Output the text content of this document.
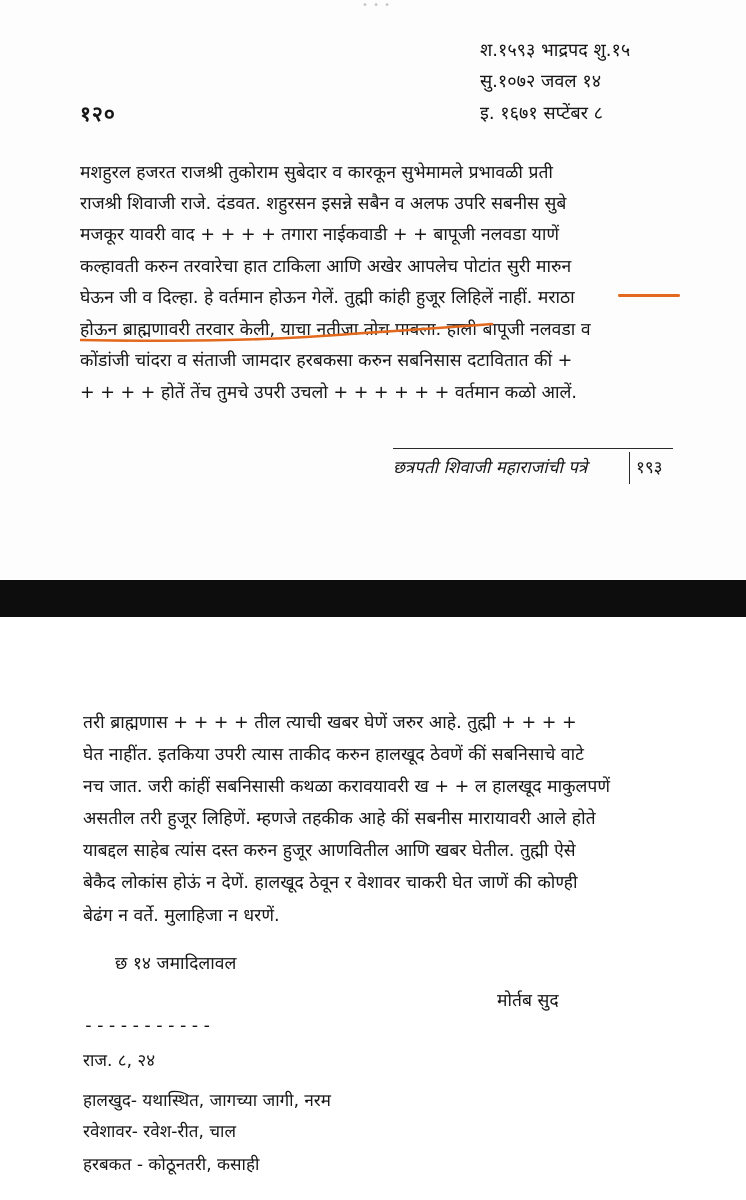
• • •
श.१५९३ भाद्रपद शु.१५
सु.१०७२ जवल १४
इ. १६७१ सप्टेंबर ८
१२०
मशहुरल हजरत राजश्री तुकोराम सुबेदार व कारकून सुभेमामले प्रभावळी प्रती
राजश्री शिवाजी राजे. दंडवत. शहुरसन इसन्ने सबैन व अलफ उपरि सबनीस सुबे
मजकूर यावरी वाद + + + + तगारा नाईकवाडी + + बापूजी नलवडा याणें
कल्हावती करुन तरवारेचा हात टाकिला आणि अखेर आपलेच पोटांत सुरी मारुन
घेऊन जी व दिल्हा. हे वर्तमान होऊन गेलें. तुह्मी कांही हुजूर लिहिलें नाहीं. मराठा
होऊन ब्राह्मणावरी तरवार केली, याचा नतीजा तोच पावला. हाली बापूजी नलवडा व
कोंडांजी चांदरा व संताजी जामदार हरबकसा करुन सबनिसास दटावितात कीं +
+ + + + होतें तेंच तुमचे उपरी उचलो + + + + + + वर्तमान कळो आलें.
छत्रपती शिवाजी महाराजांची पत्रे	१९३
तरी ब्राह्मणास + + + + तील त्याची खबर घेणें जरुर आहे. तुह्मी + + + +
घेत नाहींत. इतकिया उपरी त्यास ताकीद करुन हालखूद ठेवणें कीं सबनिसाचे वाटे
नच जात. जरी कांहीं सबनिसासी कथळा करावयावरी ख + + ल हालखूद माकुलपणें
असतील तरी हुजूर लिहिणें. म्हणजे तहकीक आहे कीं सबनीस मारायावरी आले होते
याबद्दल साहेब त्यांस दस्त करुन हुजूर आणवितील आणि खबर घेतील. तुह्मी ऐसे
बेकैद लोकांस होऊं न देणें. हालखूद ठेवून र वेशावर चाकरी घेत जाणें की कोण्ही
बेढंग न वर्ते. मुलाहिजा न धरणें.
छ १४ जमादिलावल
मोर्तब सुद
-----------
राज. ८, २४
हालखुद- यथास्थित, जागच्या जागी, नरम
रवेशावर- रवेश-रीत, चाल
हरबकत - कोठूनतरी, कसाही
